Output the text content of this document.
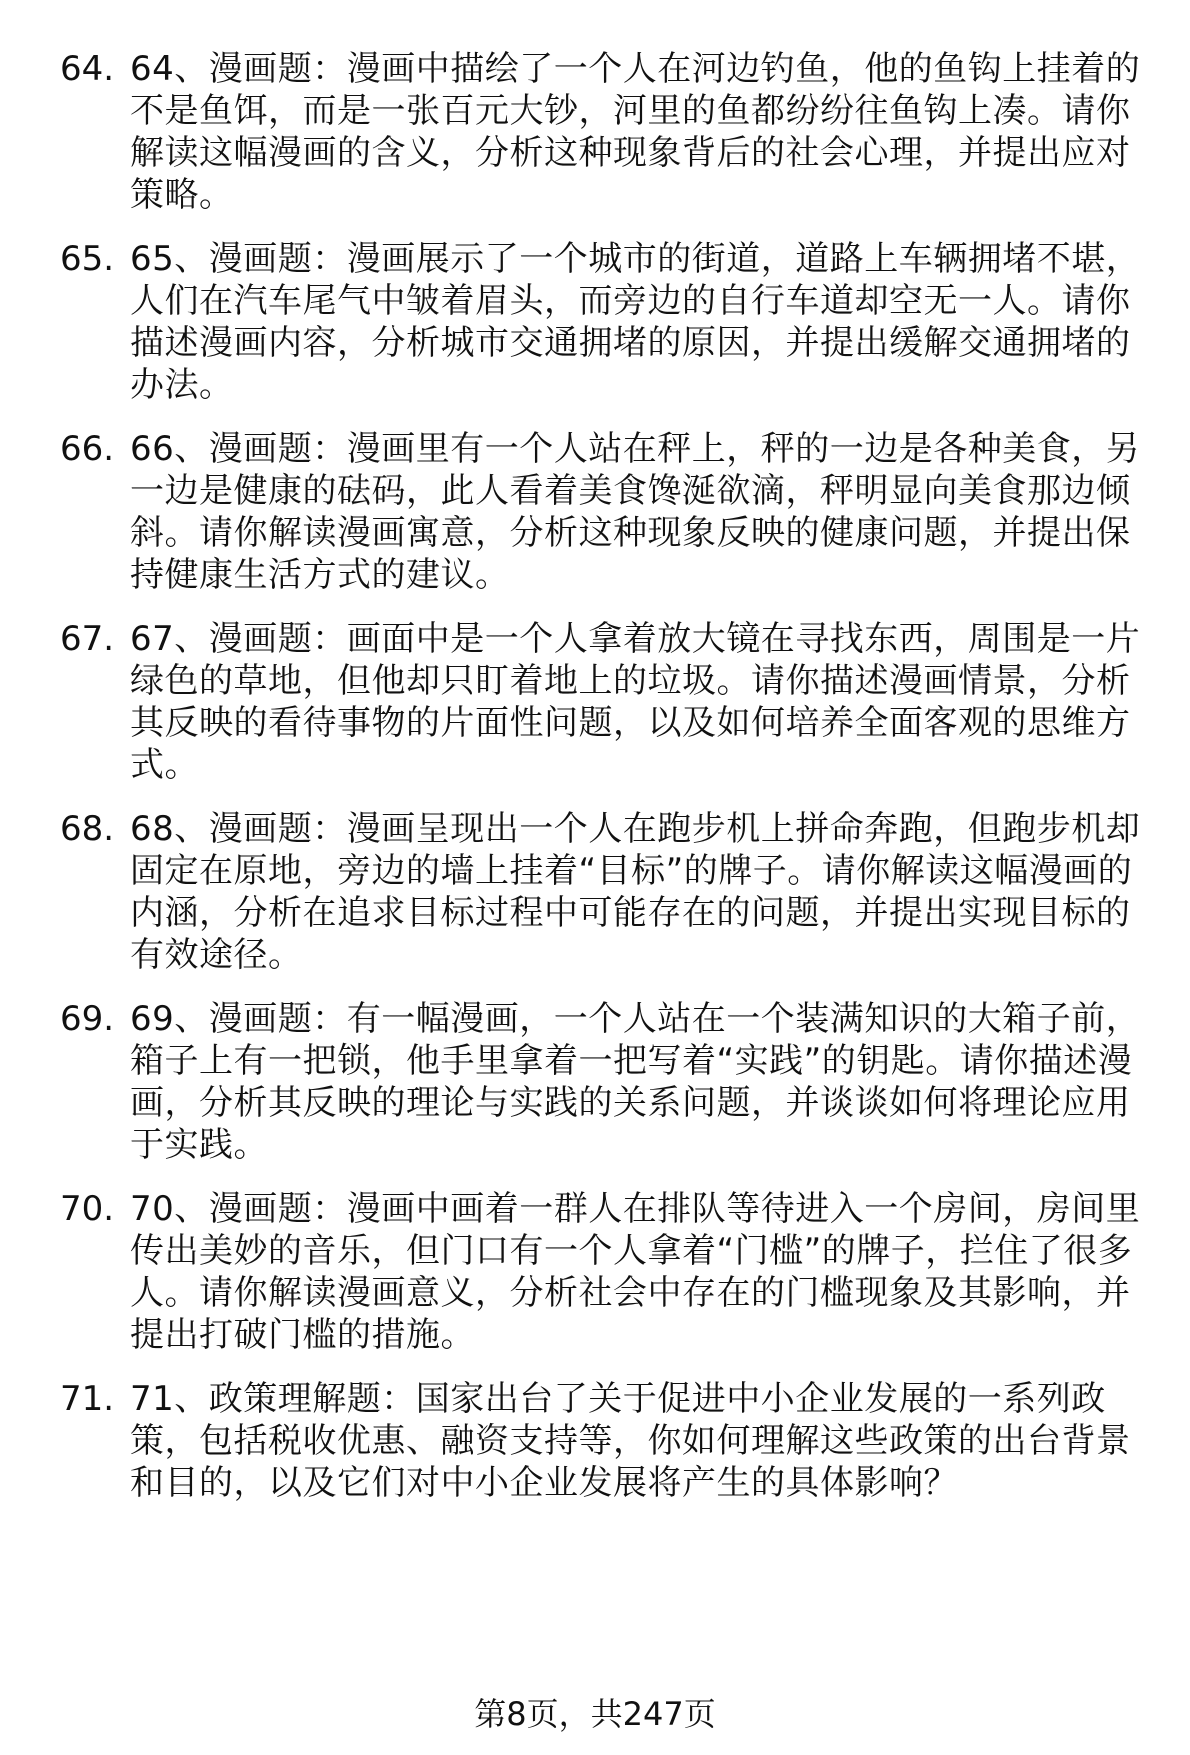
64. 64、漫画题：漫画中描绘了一个人在河边钓鱼，他的鱼钩上挂着的不是鱼饵，而是一张百元大钞，河里的鱼都纷纷往鱼钩上凑。请你解读这幅漫画的含义，分析这种现象背后的社会心理，并提出应对策略。
65. 65、漫画题：漫画展示了一个城市的街道，道路上车辆拥堵不堪，人们在汽车尾气中皱着眉头，而旁边的自行车道却空无一人。请你描述漫画内容，分析城市交通拥堵的原因，并提出缓解交通拥堵的办法。
66. 66、漫画题：漫画里有一个人站在秤上，秤的一边是各种美食，另一边是健康的砝码，此人看着美食馋涎欲滴，秤明显向美食那边倾斜。请你解读漫画寓意，分析这种现象反映的健康问题，并提出保持健康生活方式的建议。
67. 67、漫画题：画面中是一个人拿着放大镜在寻找东西，周围是一片绿色的草地，但他却只盯着地上的垃圾。请你描述漫画情景，分析其反映的看待事物的片面性问题，以及如何培养全面客观的思维方式。
68. 68、漫画题：漫画呈现出一个人在跑步机上拼命奔跑，但跑步机却固定在原地，旁边的墙上挂着“目标”的牌子。请你解读这幅漫画的内涵，分析在追求目标过程中可能存在的问题，并提出实现目标的有效途径。
69. 69、漫画题：有一幅漫画，一个人站在一个装满知识的大箱子前，箱子上有一把锁，他手里拿着一把写着“实践”的钥匙。请你描述漫画，分析其反映的理论与实践的关系问题，并谈谈如何将理论应用于实践。
70. 70、漫画题：漫画中画着一群人在排队等待进入一个房间，房间里传出美妙的音乐，但门口有一个人拿着“门槛”的牌子，拦住了很多人。请你解读漫画意义，分析社会中存在的门槛现象及其影响，并提出打破门槛的措施。
71. 71、政策理解题：国家出台了关于促进中小企业发展的一系列政策，包括税收优惠、融资支持等，你如何理解这些政策的出台背景和目的，以及它们对中小企业发展将产生的具体影响？
第8页，共247页
